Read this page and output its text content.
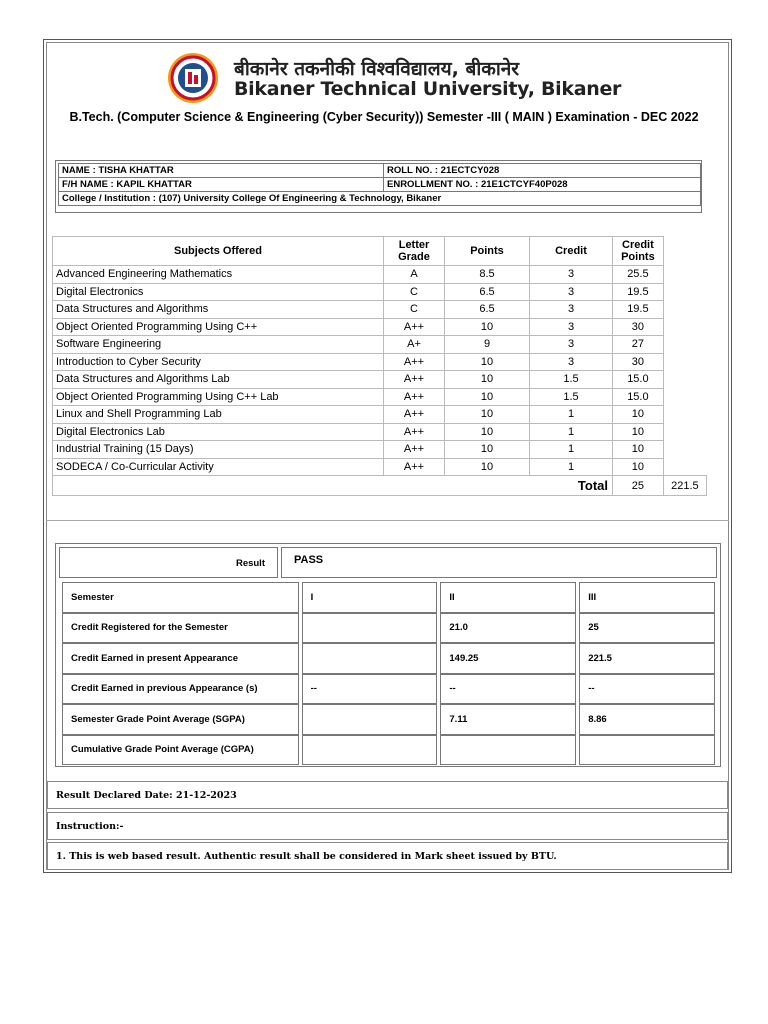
बीकानेर तकनीकी विश्वविद्यालय, बीकानेर
Bikaner Technical University, Bikaner
B.Tech. (Computer Science & Engineering (Cyber Security)) Semester -III ( MAIN ) Examination - DEC 2022
NAME : TISHA KHATTAR	ROLL NO. : 21ECTCY028
F/H NAME : KAPIL KHATTAR	ENROLLMENT NO. : 21E1CTCYF40P028
College / Institution : (107) University College Of Engineering & Technology, Bikaner	
Subjects Offered	Letter Grade	Points	Credit	Credit
Points	
Advanced Engineering Mathematics	A	8.5	3	25.5	
Digital Electronics	C	6.5	3	19.5	
Data Structures and Algorithms	C	6.5	3	19.5	
Object Oriented Programming Using C++	A++	10	3	30	
Software Engineering	A+	9	3	27	
Introduction to Cyber Security	A++	10	3	30	
Data Structures and Algorithms Lab	A++	10	1.5	15.0	
Object Oriented Programming Using C++ Lab	A++	10	1.5	15.0	
Linux and Shell Programming Lab	A++	10	1	10	
Digital Electronics Lab	A++	10	1	10	
Industrial Training (15 Days)	A++	10	1	10	
SODECA / Co-Curricular Activity	A++	10	1	10	
Total				25	221.5
Result	PASS
Semester	I	II	III
Credit Registered for the Semester		21.0	25
Credit Earned in present Appearance		149.25	221.5
Credit Earned in previous Appearance (s)	--	--	--
Semester Grade Point Average (SGPA)		7.11	8.86
Cumulative Grade Point Average (CGPA)			
Result Declared Date: 21-12-2023
Instruction:-
1. This is web based result. Authentic result shall be considered in Mark sheet issued by BTU.
